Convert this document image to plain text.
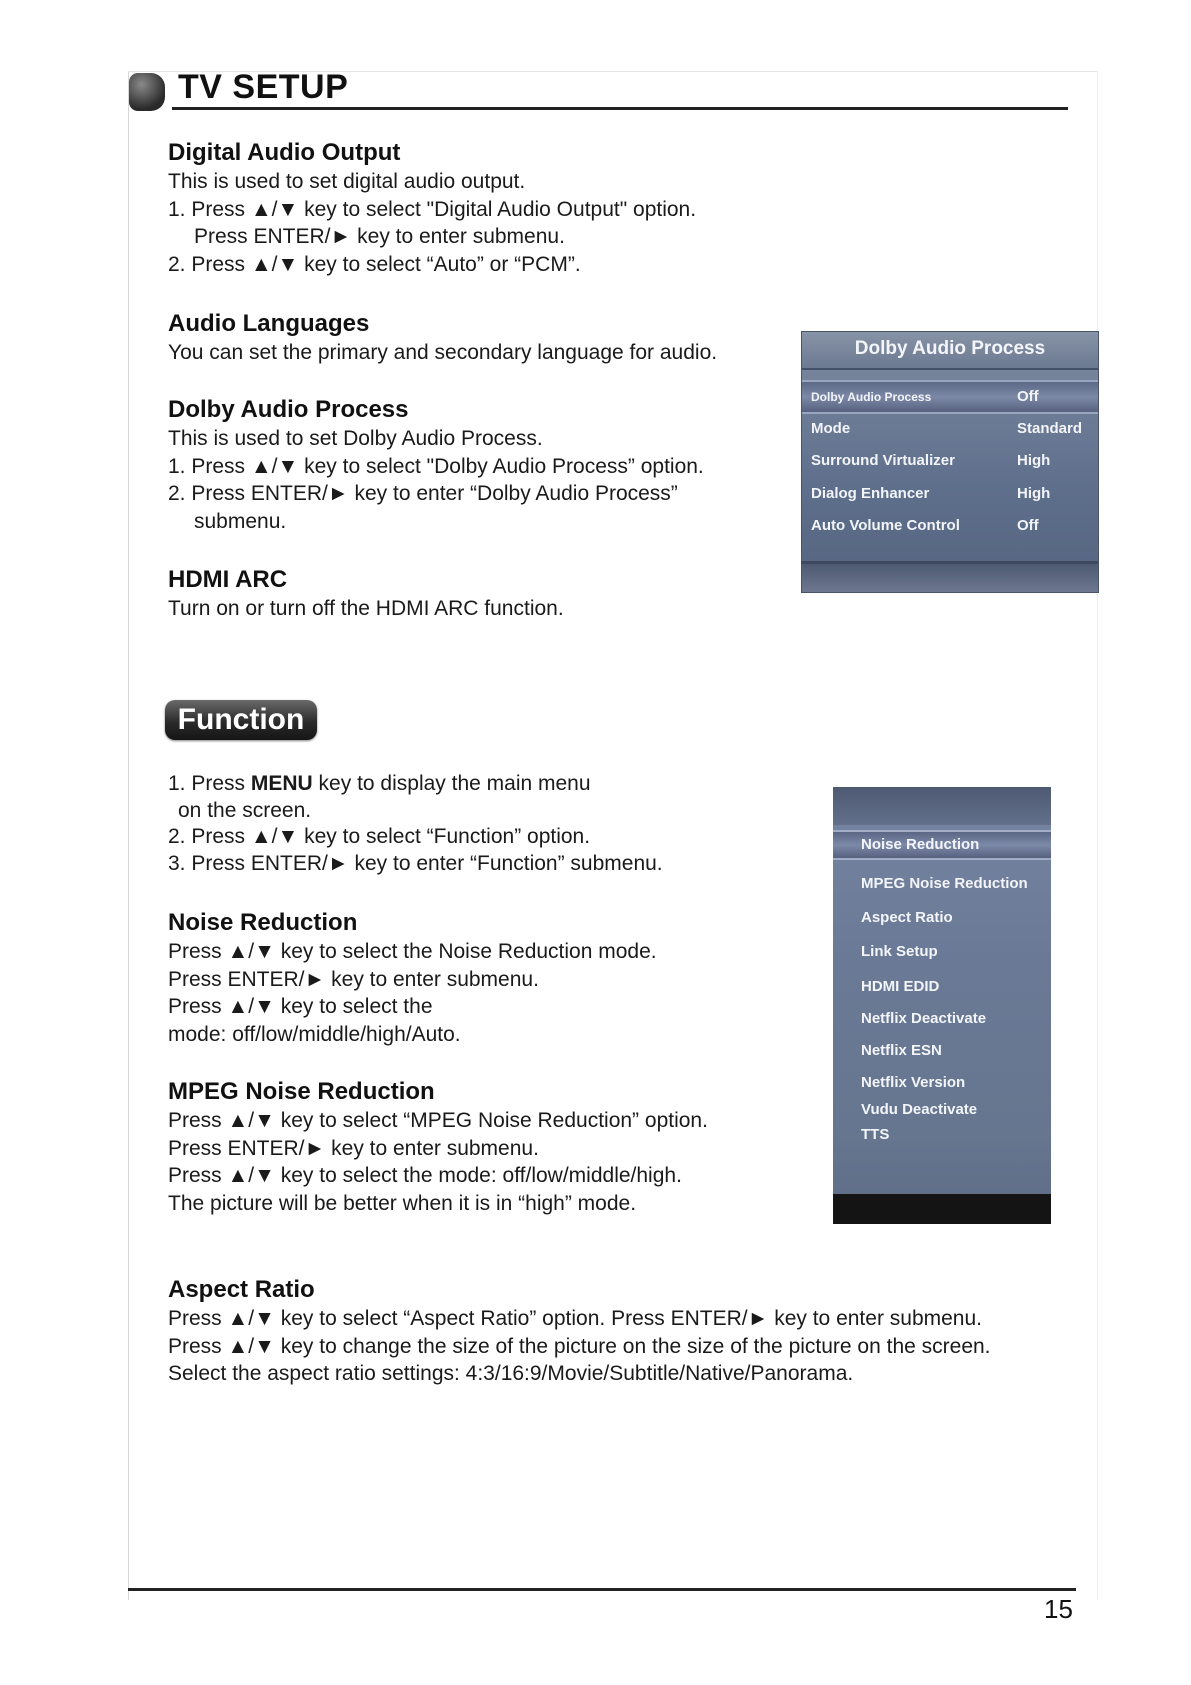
TV SETUP
Digital Audio Output

This is used to set digital audio output.

1. Press ▲/▼ key to select "Digital Audio Output" option.

Press ENTER/► key to enter submenu.

2. Press ▲/▼ key to select “Auto” or “PCM”.

Audio Languages

You can set the primary and secondary language for audio.

Dolby Audio Process

This is used to set Dolby Audio Process.

1. Press ▲/▼ key to select "Dolby Audio Process” option.

2. Press ENTER/► key to enter “Dolby Audio Process”

submenu.

HDMI ARC

Turn on or turn off the HDMI ARC function.

Dolby Audio Process
Dolby Audio Process	Off
Mode	Standard
Surround Virtualizer	High
Dialog Enhancer	High
Auto Volume Control	Off
Function

1. Press MENU key to display the main menu

on the screen.

2. Press ▲/▼ key to select “Function” option.

3. Press ENTER/► key to enter “Function” submenu.

Noise Reduction

Press ▲/▼ key to select the Noise Reduction mode.

Press ENTER/► key to enter submenu.

Press ▲/▼ key to select the

mode: off/low/middle/high/Auto.

MPEG Noise Reduction

Press ▲/▼ key to select “MPEG Noise Reduction” option.

Press ENTER/► key to enter submenu.

Press ▲/▼ key to select the mode: off/low/middle/high.

The picture will be better when it is in “high” mode.

Noise Reduction
MPEG Noise Reduction
Aspect Ratio
Link Setup
HDMI EDID
Netflix Deactivate
Netflix ESN
Netflix Version
Vudu Deactivate
TTS
Aspect Ratio

Press ▲/▼ key to select “Aspect Ratio” option. Press ENTER/► key to enter submenu.

Press ▲/▼ key to change the size of the picture on the size of the picture on the screen.

Select the aspect ratio settings: 4:3/16:9/Movie/Subtitle/Native/Panorama.

15
